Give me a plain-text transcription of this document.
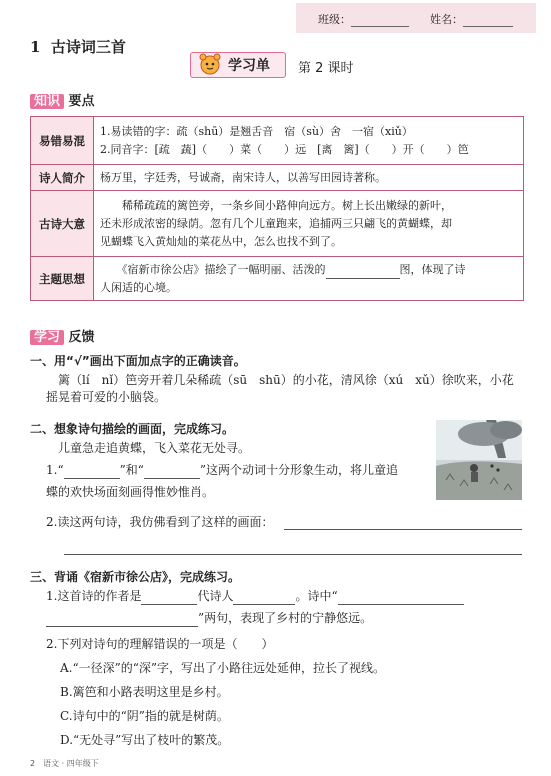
班级：	姓名：
1 古诗词三首
学习单 第 2 课时
知识 要点
易错易混	1.易读错的字：疏（shū）是翘舌音　宿（sù）舍　一宿（xiǔ）
2.同音字：[疏　蔬]（　　）菜（　　）远　[离　篱]（　　）开（　　）笆

诗人简介	杨万里，字廷秀，号诚斋，南宋诗人，以善写田园诗著称。

古诗大意	　　稀稀疏疏的篱笆旁，一条乡间小路伸向远方。树上长出嫩绿的新叶，
还未形成浓密的绿荫。忽有几个儿童跑来，追捕两三只翩飞的黄蝴蝶，却
见蝴蝶飞入黄灿灿的菜花丛中，怎么也找不到了。

主题思想	　　《宿新市徐公店》描绘了一幅明丽、活泼的 图，体现了诗
人闲适的心境。
学习 反馈
一、用“√”画出下面加点字的正确读音。
　篱（lí　nǐ）笆旁开着几朵稀疏（sū　shū）的小花，清风徐（xú　xǔ）徐吹来，小花
摇晃着可爱的小脑袋。
二、想象诗句描绘的画面，完成练习。
　儿童急走追黄蝶，飞入菜花无处寻。
1.“	”和“	”这两个动词十分形象生动，将儿童追
蝶的欢快场面刻画得惟妙惟肖。
2.读这两句诗，我仿佛看到了这样的画面：
三、背诵《宿新市徐公店》，完成练习。
1.这首诗的作者是	代诗人	。诗中“
”两句，表现了乡村的宁静悠远。
2.下列对诗句的理解错误的一项是（　　）
A.“一径深”的“深”字，写出了小路往远处延伸，拉长了视线。
B.篱笆和小路表明这里是乡村。
C.诗句中的“阴”指的就是树荫。
D.“无处寻”写出了枝叶的繁茂。
2　语文 · 四年级下
